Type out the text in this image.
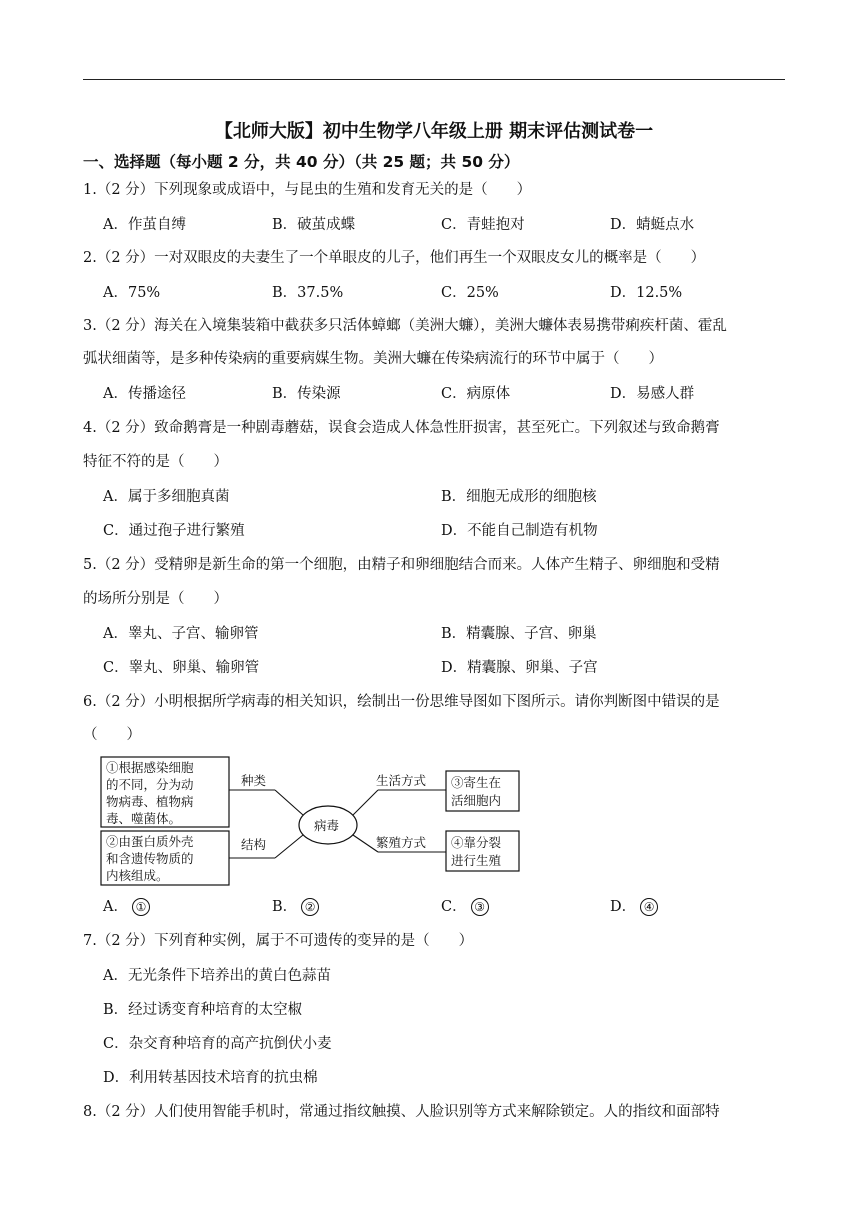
【北师大版】初中生物学八年级上册 期末评估测试卷一
一、选择题（每小题 2 分，共 40 分）（共 25 题；共 50 分）
1.（2 分）下列现象或成语中，与昆虫的生殖和发育无关的是（　　）
A．作茧自缚	B．破茧成蝶	C．青蛙抱对	D．蜻蜓点水
2.（2 分）一对双眼皮的夫妻生了一个单眼皮的儿子，他们再生一个双眼皮女儿的概率是（　　）
A．75%	B．37.5%	C．25%	D．12.5%
3.（2 分）海关在入境集装箱中截获多只活体蟑螂（美洲大蠊），美洲大蠊体表易携带痢疾杆菌、霍乱
弧状细菌等，是多种传染病的重要病媒生物。美洲大蠊在传染病流行的环节中属于（　　）
A．传播途径	B．传染源	C．病原体	D．易感人群
4.（2 分）致命鹅膏是一种剧毒蘑菇，误食会造成人体急性肝损害，甚至死亡。下列叙述与致命鹅膏
特征不符的是（　　）
A．属于多细胞真菌	B．细胞无成形的细胞核
C．通过孢子进行繁殖	D．不能自己制造有机物
5.（2 分）受精卵是新生命的第一个细胞，由精子和卵细胞结合而来。人体产生精子、卵细胞和受精
的场所分别是（　　）
A．睾丸、子宫、输卵管	B．精囊腺、子宫、卵巢
C．睾丸、卵巢、输卵管	D．精囊腺、卵巢、子宫
6.（2 分）小明根据所学病毒的相关知识，绘制出一份思维导图如下图所示。请你判断图中错误的是
（　　）
①根据感染细胞
的不同，分为动
物病毒、植物病
毒、噬菌体。
②由蛋白质外壳
和含遗传物质的
内核组成。
种类
结构
病毒
生活方式
繁殖方式
③寄生在
活细胞内
④靠分裂
进行生殖
A． ①	B． ②	C． ③	D． ④
7.（2 分）下列育种实例，属于不可遗传的变异的是（　　）
A．无光条件下培养出的黄白色蒜苗
B．经过诱变育种培育的太空椒
C．杂交育种培育的高产抗倒伏小麦
D．利用转基因技术培育的抗虫棉
8.（2 分）人们使用智能手机时，常通过指纹触摸、人脸识别等方式来解除锁定。人的指纹和面部特
